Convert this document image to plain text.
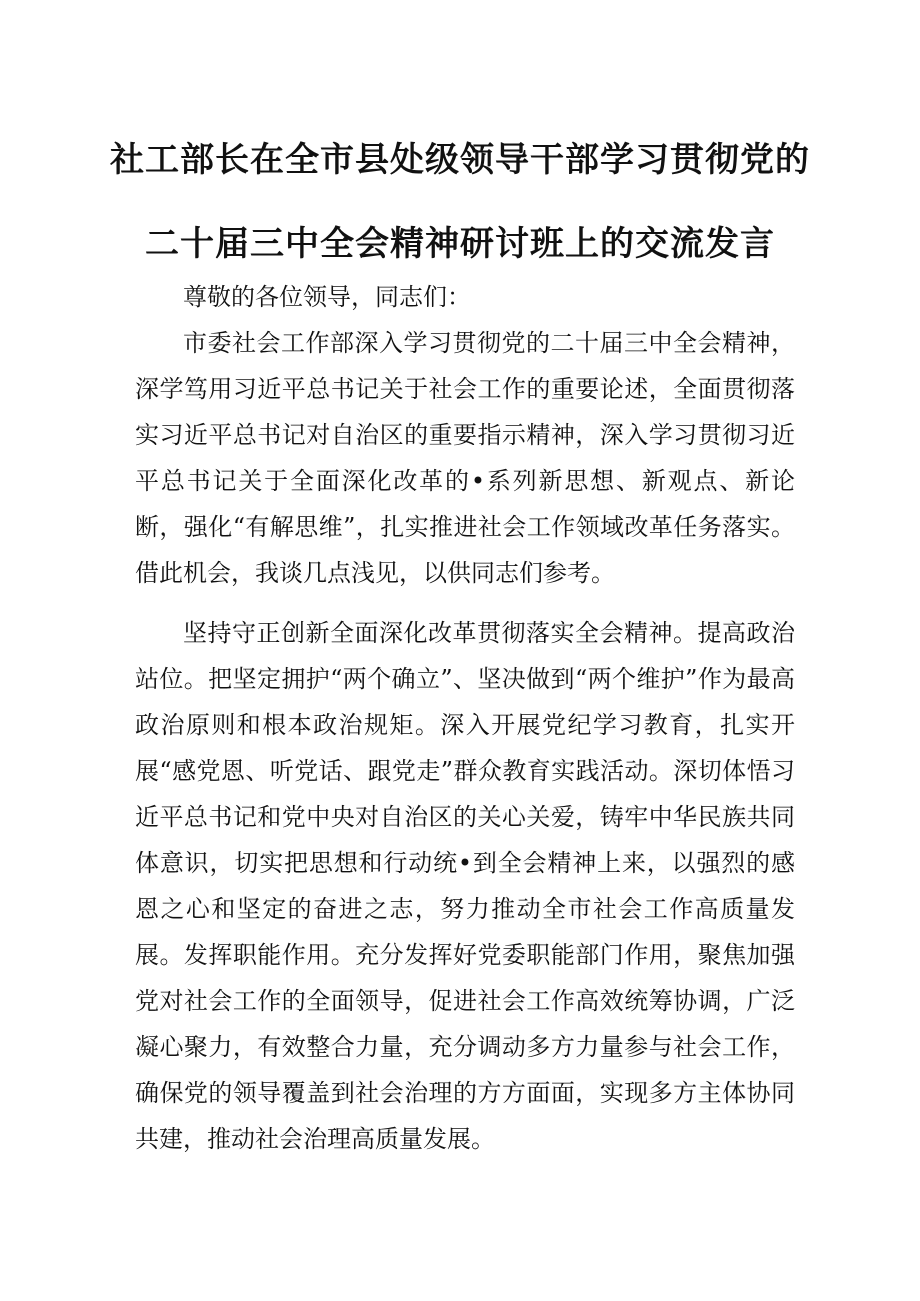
社工部长在全市县处级领导干部学习贯彻党的
二十届三中全会精神研讨班上的交流发言

尊敬的各位领导，同志们：

市委社会工作部深入学习贯彻党的二十届三中全会精神，深学笃用习近平总书记关于社会工作的重要论述，全面贯彻落实习近平总书记对自治区的重要指示精神，深入学习贯彻习近平总书记关于全面深化改革的•系列新思想、新观点、新论断，强化“有解思维”，扎实推进社会工作领域改革任务落实。借此机会，我谈几点浅见，以供同志们参考。

坚持守正创新全面深化改革贯彻落实全会精神。提高政治站位。把坚定拥护“两个确立”、坚决做到“两个维护”作为最高政治原则和根本政治规矩。深入开展党纪学习教育，扎实开展“感党恩、听党话、跟党走”群众教育实践活动。深切体悟习近平总书记和党中央对自治区的关心关爱，铸牢中华民族共同体意识，切实把思想和行动统•到全会精神上来，以强烈的感恩之心和坚定的奋进之志，努力推动全市社会工作高质量发展。发挥职能作用。充分发挥好党委职能部门作用，聚焦加强党对社会工作的全面领导，促进社会工作高效统筹协调，广泛凝心聚力，有效整合力量，充分调动多方力量参与社会工作，确保党的领导覆盖到社会治理的方方面面，实现多方主体协同共建，推动社会治理高质量发展。
